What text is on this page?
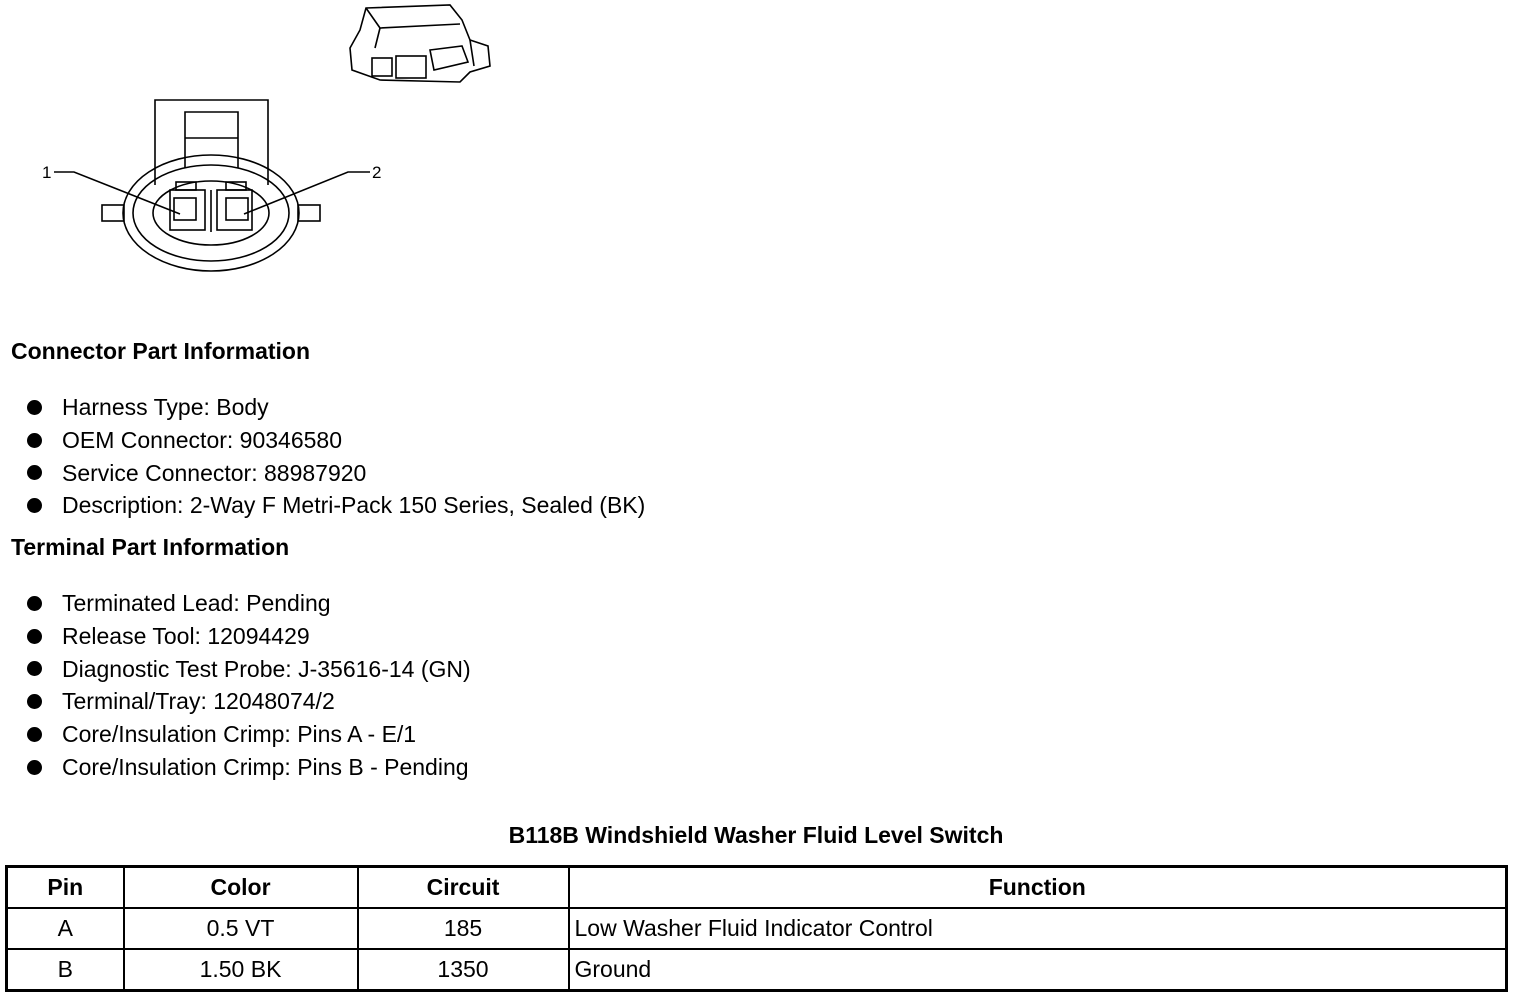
1	2
Connector Part Information
Harness Type: Body
OEM Connector: 90346580
Service Connector: 88987920
Description: 2-Way F Metri-Pack 150 Series, Sealed (BK)
Terminal Part Information
Terminated Lead: Pending
Release Tool: 12094429
Diagnostic Test Probe: J-35616-14 (GN)
Terminal/Tray: 12048074/2
Core/Insulation Crimp: Pins A - E/1
Core/Insulation Crimp: Pins B - Pending
B118B Windshield Washer Fluid Level Switch
Pin	Color	Circuit	Function
A	0.5 VT	185	Low Washer Fluid Indicator Control
B	1.50 BK	1350	Ground
